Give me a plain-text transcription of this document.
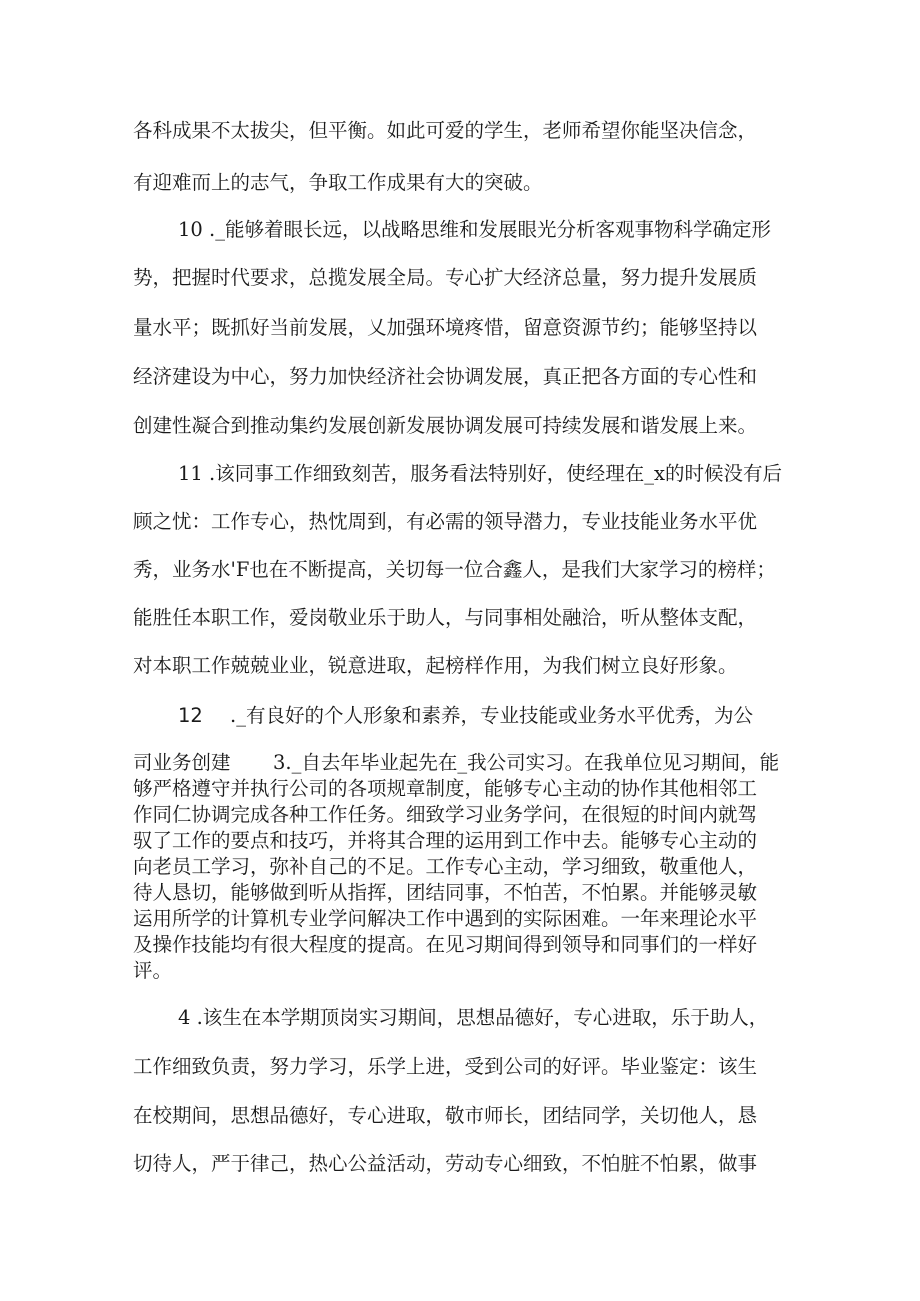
各科成果不太拔尖，但平衡。如此可爱的学生，老师希望你能坚决信念，
有迎难而上的志气，争取工作成果有大的突破。
10 ._能够着眼长远，以战略思维和发展眼光分析客观事物科学确定形
势，把握时代要求，总揽发展全局。专心扩大经济总量，努力提升发展质
量水平；既抓好当前发展，乂加强环境疼惜，留意资源节约；能够坚持以
经济建设为中心，努力加快经济社会协调发展，真正把各方面的专心性和
创建性凝合到推动集约发展创新发展协调发展可持续发展和谐发展上来。
11 .该同事工作细致刻苦，服务看法特别好，使经理在_x的时候没有后
顾之忧：工作专心，热忱周到，有必需的领导潜力，专业技能业务水平优
秀，业务水'F也在不断提高，关切每一位合鑫人，是我们大家学习的榜样；
能胜任本职工作，爱岗敬业乐于助人，与同事相处融洽，听从整体支配，
对本职工作兢兢业业，锐意进取，起榜样作用，为我们树立良好形象。
12 ._有良好的个人形象和素养，专业技能或业务水平优秀，为公
司业务创建 3._自去年毕业起先在_我公司实习。在我单位见习期间，能
够严格遵守并执行公司的各项规章制度，能够专心主动的协作其他相邻工
作同仁协调完成各种工作任务。细致学习业务学问，在很短的时间内就驾
驭了工作的要点和技巧，并将其合理的运用到工作中去。能够专心主动的
向老员工学习，弥补自己的不足。工作专心主动，学习细致，敬重他人，
待人恳切，能够做到听从指挥，团结同事，不怕苦，不怕累。并能够灵敏
运用所学的计算机专业学问解决工作中遇到的实际困难。一年来理论水平
及操作技能均有很大程度的提高。在见习期间得到领导和同事们的一样好
评。
4 .该生在本学期顶岗实习期间，思想品德好，专心进取，乐于助人，
工作细致负责，努力学习，乐学上进，受到公司的好评。毕业鉴定：该生
在校期间，思想品德好，专心进取，敬市师长，团结同学，关切他人，恳
切待人，严于律己，热心公益活动，劳动专心细致，不怕脏不怕累，做事
